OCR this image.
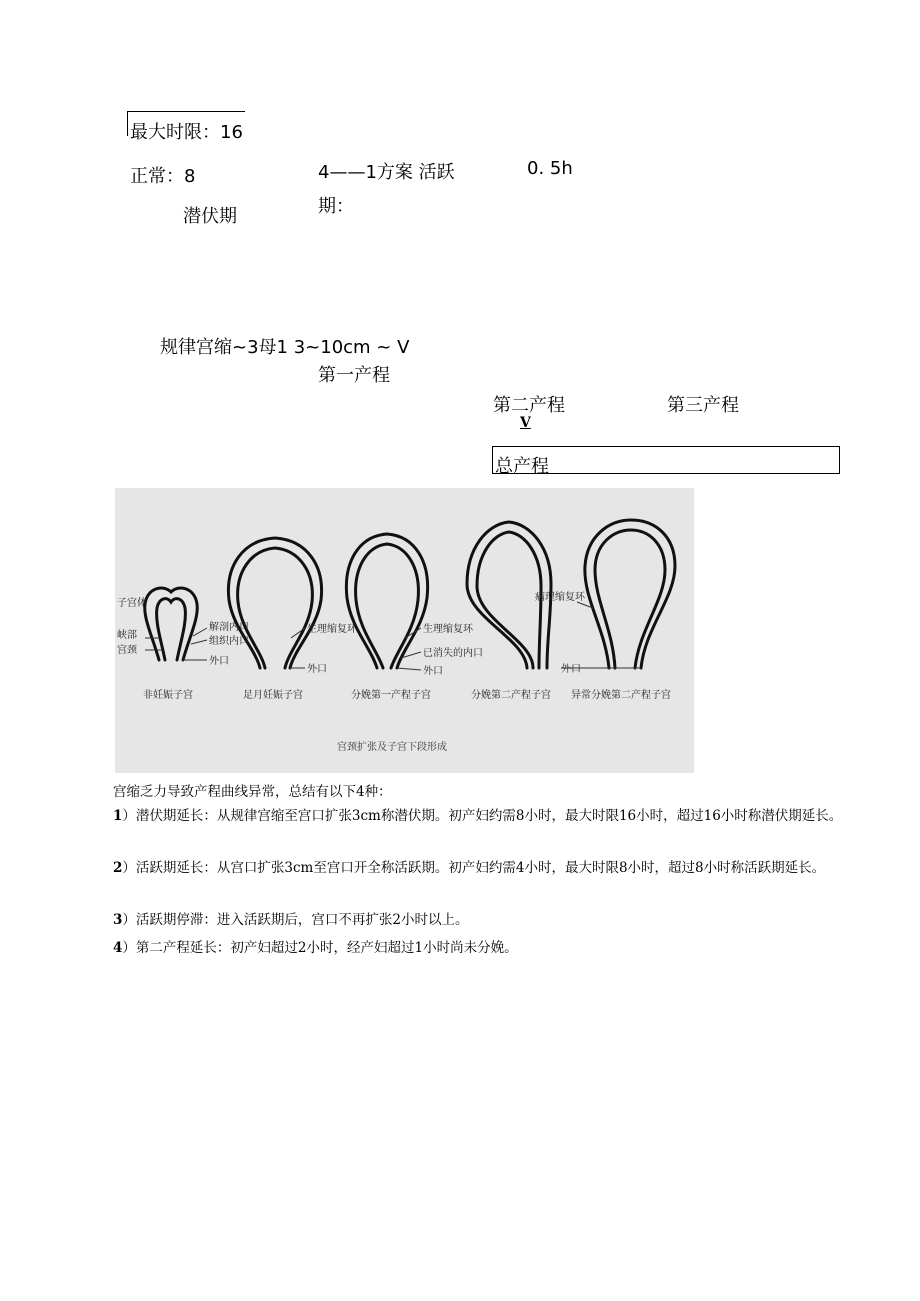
最大时限：16
正常：8
潜伏期
4——1方案 活跃
期：
0. 5h
规律宫缩~3母1 3~10cm ~ V
第一产程
第二产程	第三产程
V
总产程
子宫体
峡部
宫颈
解剖内口
组织内口
外口
生理缩复环
外口
生理缩复环
已消失的内口
外口
病理缩复环
外口
非妊娠子宫	足月妊娠子宫	分娩第一产程子宫	分娩第二产程子宫 异常分娩第二产程子宫
宫颈扩张及子宫下段形成
宫缩乏力导致产程曲线异常，总结有以下4种：
1）潜伏期延长：从规律宫缩至宫口扩张3cm称潜伏期。初产妇约需8小时，最大时限16小时，超过16小时称潜伏期延长。
2）活跃期延长：从宫口扩张3cm至宫口开全称活跃期。初产妇约需4小时，最大时限8小时，超过8小时称活跃期延长。
3）活跃期停滞：进入活跃期后，宫口不再扩张2小时以上。
4）第二产程延长：初产妇超过2小时，经产妇超过1小时尚未分娩。
